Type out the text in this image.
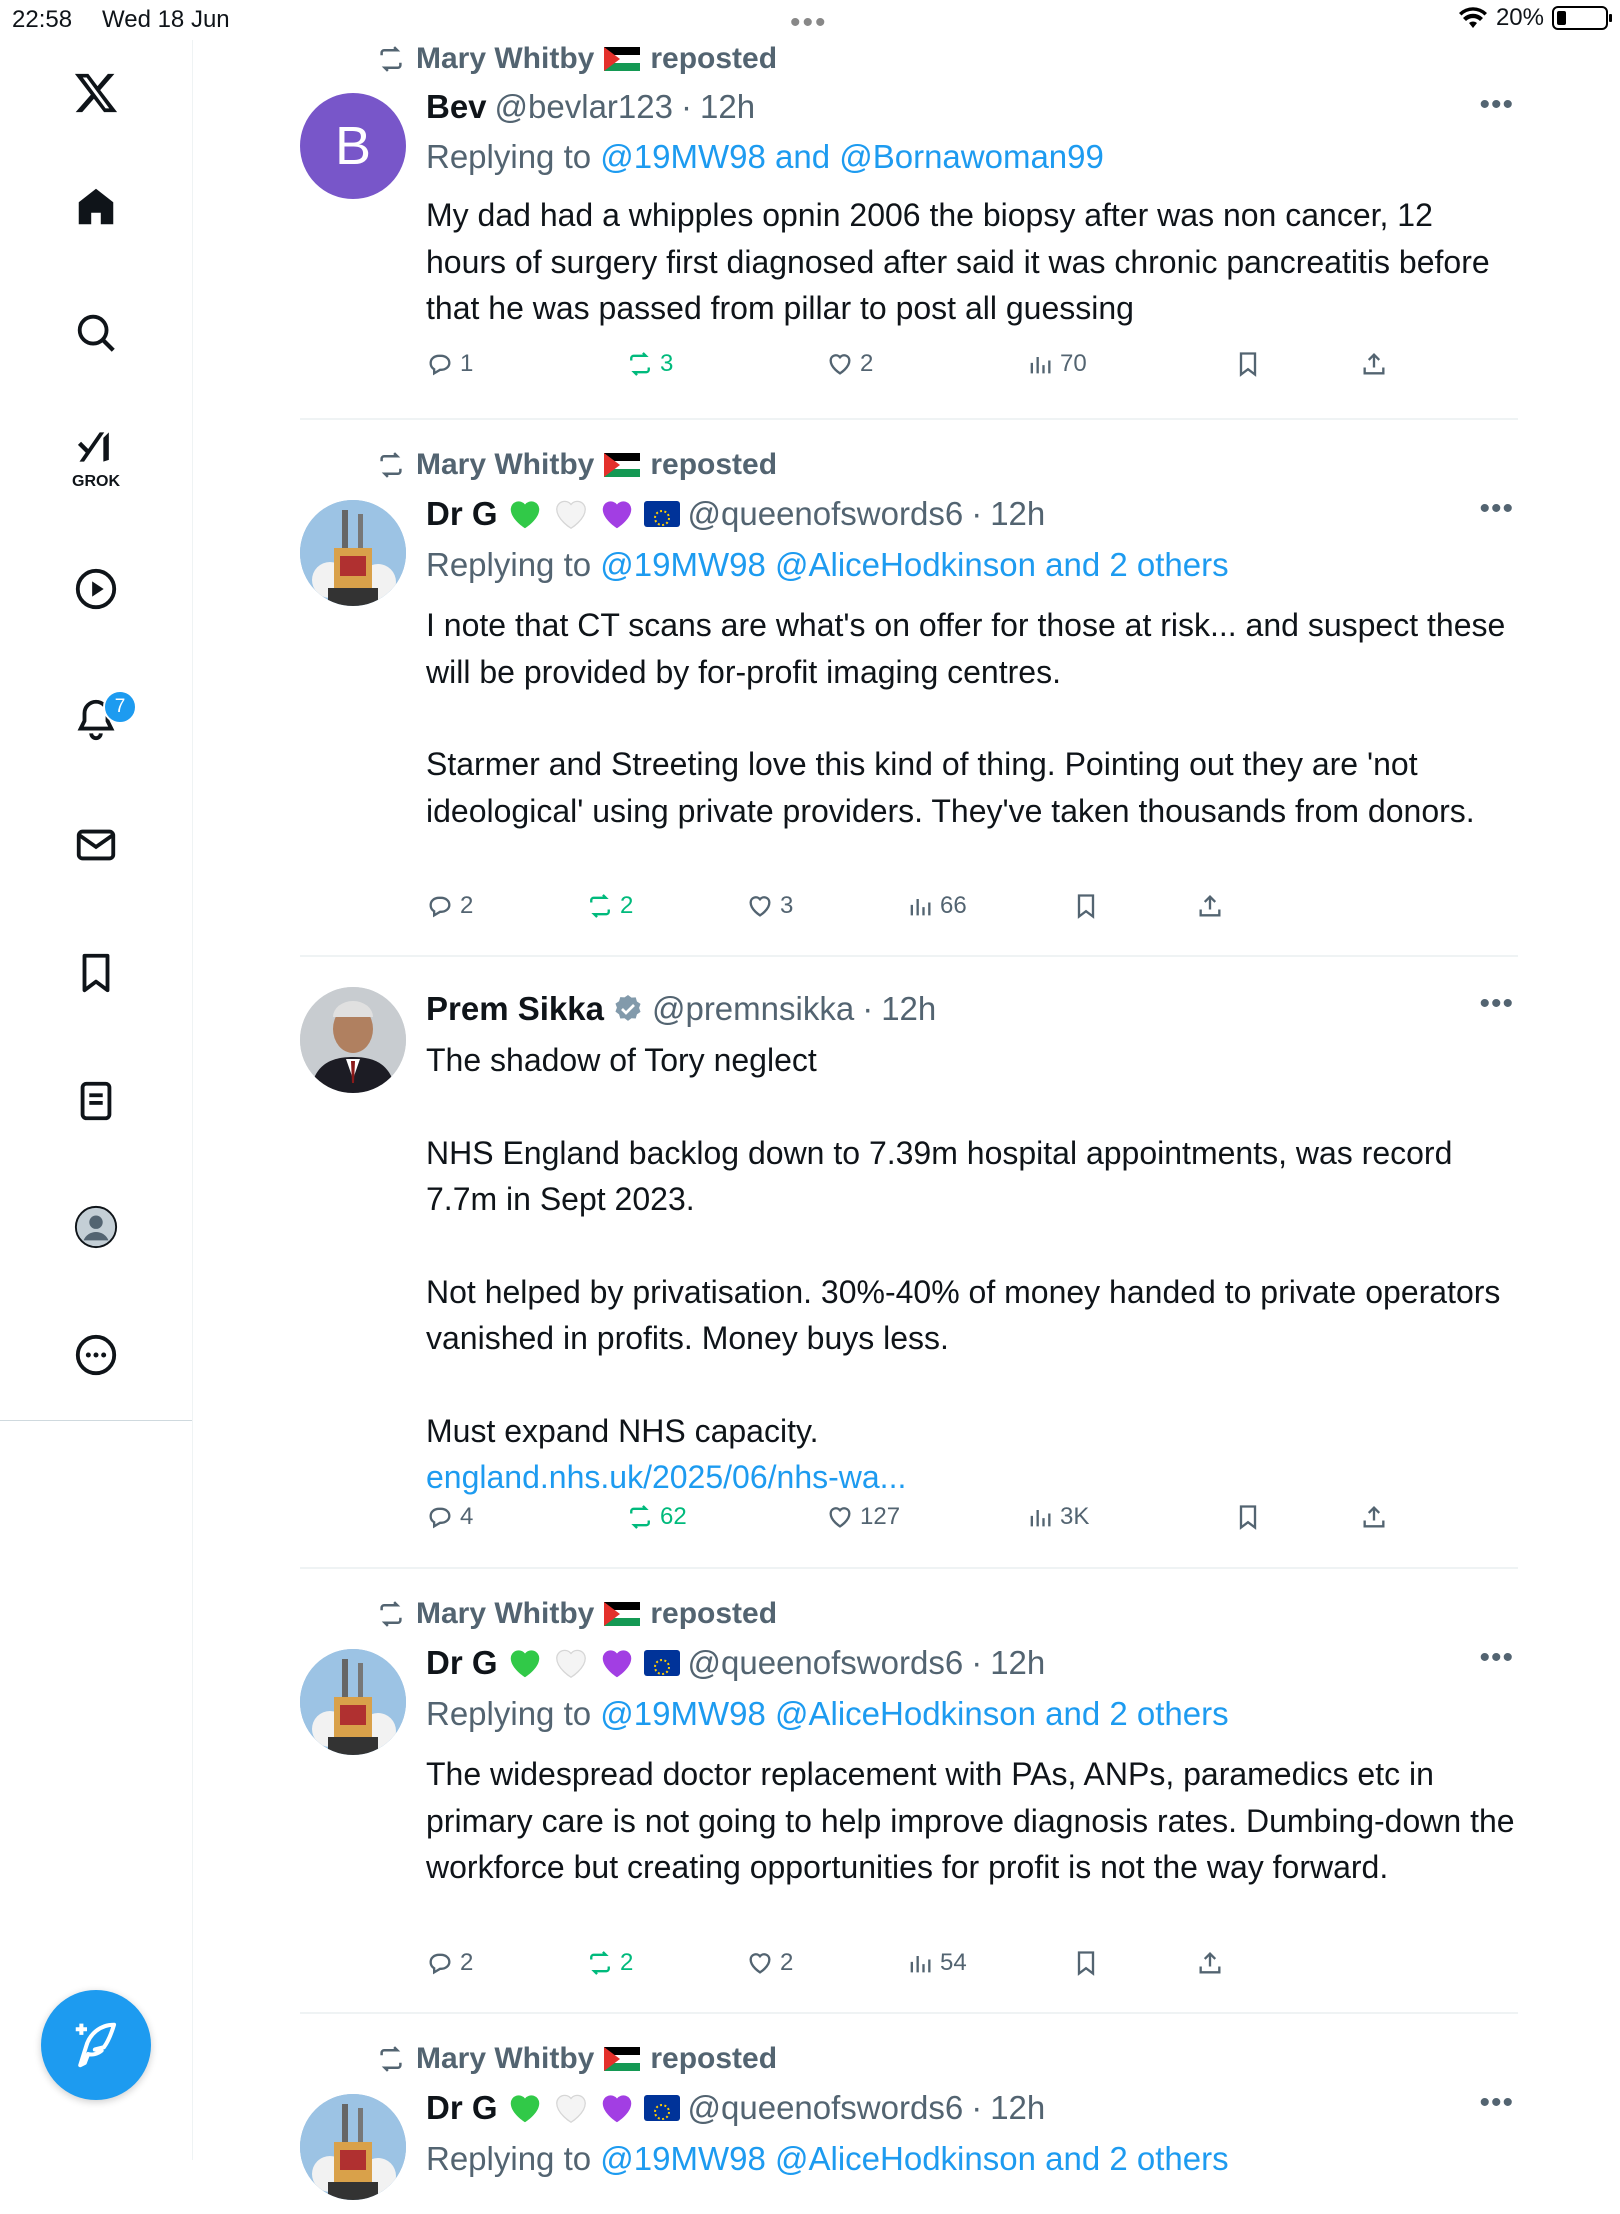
22:58 Wed 18 Jun	•••	20%
GROK
7
Mary Whitby reposted
B
Bev @bevlar123 · 12h	•••
Replying to @19MW98 and @Bornawoman99

My dad had a whipples opnin 2006 the biopsy after was non cancer, 12 hours of surgery first diagnosed after said it was chronic pancreatitis before that he was passed from pillar to post all guessing

1	3	2	70
Mary Whitby reposted
Dr G	@queenofswords6 · 12h	•••
Replying to @19MW98 @AliceHodkinson and 2 others

I note that CT scans are what's on offer for those at risk... and suspect these will be provided by for-profit imaging centres.

Starmer and Streeting love this kind of thing. Pointing out they are 'not ideological' using private providers. They've taken thousands from donors.

2	2	3	66
Prem Sikka @premnsikka · 12h	•••

The shadow of Tory neglect

NHS England backlog down to 7.39m hospital appointments, was record 7.7m in Sept 2023.

Not helped by privatisation. 30%-40% of money handed to private operators vanished in profits. Money buys less.

Must expand NHS capacity.

england.nhs.uk/2025/06/nhs-wa...

4	62	127	3K
Mary Whitby reposted
Dr G	@queenofswords6 · 12h	•••
Replying to @19MW98 @AliceHodkinson and 2 others

The widespread doctor replacement with PAs, ANPs, paramedics etc in primary care is not going to help improve diagnosis rates. Dumbing-down the workforce but creating opportunities for profit is not the way forward.

2	2	2	54
Mary Whitby reposted
Dr G	@queenofswords6 · 12h	•••
Replying to @19MW98 @AliceHodkinson and 2 others
